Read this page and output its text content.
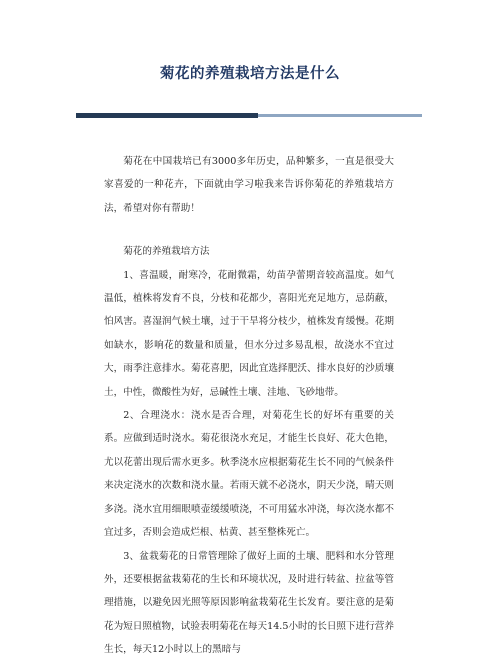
菊花的养殖栽培方法是什么

菊花在中国栽培已有3000多年历史，品种繁多，一直是很受大家喜爱的一种花卉，下面就由学习啦我来告诉你菊花的养殖栽培方法，希望对你有帮助！

菊花的养殖栽培方法

1、喜温暖，耐寒冷，花耐微霜，幼苗孕蕾期音较高温度。如气温低，植株将发育不良，分枝和花都少，喜阳光充足地方，忌荫蔽，怕风害。喜湿润气候土壤，过于干旱将分枝少，植株发育缓慢。花期如缺水，影响花的数量和质量，但水分过多易乱根，故浇水不宜过大，雨季注意排水。菊花喜肥，因此宜选择肥沃、排水良好的沙质壤土，中性，微酸性为好，忌碱性土壤、洼地、飞砂地带。

2、合理浇水：浇水是否合理，对菊花生长的好坏有重要的关系。应做到适时浇水。菊花很浇水充足，才能生长良好、花大色艳，尤以花蕾出现后需水更多。秋季浇水应根据菊花生长不同的气候条件来决定浇水的次数和浇水量。若雨天就不必浇水，阴天少浇，晴天则多浇。浇水宜用细眼喷壶缓缓喷浇，不可用猛水冲浇，每次浇水都不宜过多，否则会造成烂根、枯黄、甚至整株死亡。

3、盆栽菊花的日常管理除了做好上面的土壤、肥料和水分管理外，还要根据盆栽菊花的生长和环境状况，及时进行转盆、拉盆等管理措施，以避免因光照等原因影响盆栽菊花生长发育。要注意的是菊花为短日照植物，试验表明菊花在每天14.5小时的长日照下进行营养生长，每天12小时以上的黑暗与
